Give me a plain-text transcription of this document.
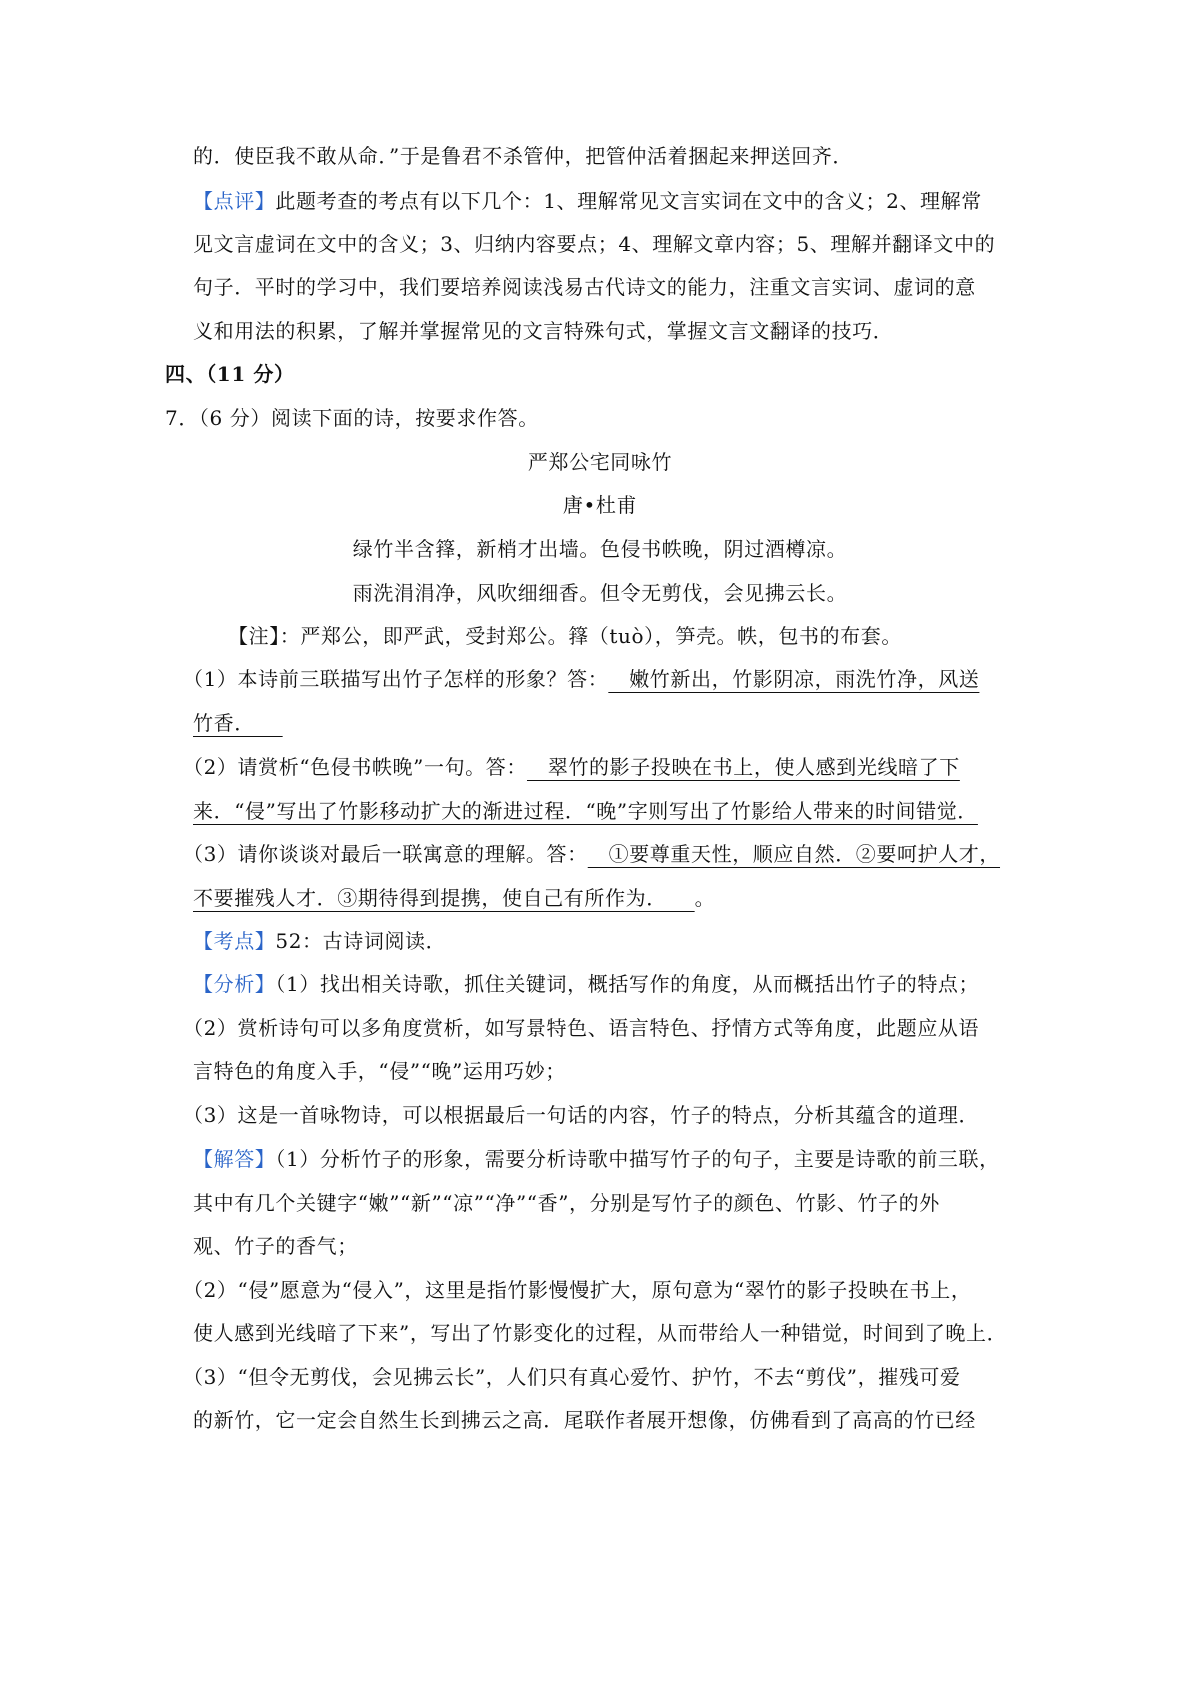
的．使臣我不敢从命．”于是鲁君不杀管仲，把管仲活着捆起来押送回齐．
【点评】此题考查的考点有以下几个：1、理解常见文言实词在文中的含义；2、理解常
见文言虚词在文中的含义；3、归纳内容要点；4、理解文章内容；5、理解并翻译文中的
句子．平时的学习中，我们要培养阅读浅易古代诗文的能力，注重文言实词、虚词的意
义和用法的积累，了解并掌握常见的文言特殊句式，掌握文言文翻译的技巧．
四、（11 分）
7．（6 分）阅读下面的诗，按要求作答。
严郑公宅同咏竹
唐•杜甫
绿竹半含箨，新梢才出墙。色侵书帙晚，阴过酒樽凉。
雨洗涓涓净，风吹细细香。但令无剪伐，会见拂云长。
【注】：严郑公，即严武，受封郑公。箨（tuò），笋壳。帙，包书的布套。
（1）本诗前三联描写出竹子怎样的形象？答：   嫩竹新出，竹影阴凉，雨洗竹净，风送
竹香．
（2）请赏析“色侵书帙晚”一句。答：   翠竹的影子投映在书上，使人感到光线暗了下
来．“侵”写出了竹影移动扩大的渐进过程．“晚”字则写出了竹影给人带来的时间错觉．
（3）请你谈谈对最后一联寓意的理解。答：   ①要尊重天性，顺应自然．②要呵护人才，
不要摧残人才．③期待得到提携，使自己有所作为．    。
【考点】52：古诗词阅读．
【分析】（1）找出相关诗歌，抓住关键词，概括写作的角度，从而概括出竹子的特点；
（2）赏析诗句可以多角度赏析，如写景特色、语言特色、抒情方式等角度，此题应从语
言特色的角度入手，“侵”“晚”运用巧妙；
（3）这是一首咏物诗，可以根据最后一句话的内容，竹子的特点，分析其蕴含的道理．
【解答】（1）分析竹子的形象，需要分析诗歌中描写竹子的句子，主要是诗歌的前三联，
其中有几个关键字“嫩”“新”“凉”“净”“香”，分别是写竹子的颜色、竹影、竹子的外
观、竹子的香气；
（2）“侵”愿意为“侵入”，这里是指竹影慢慢扩大，原句意为“翠竹的影子投映在书上，
使人感到光线暗了下来”，写出了竹影变化的过程，从而带给人一种错觉，时间到了晚上．
（3）“但令无剪伐，会见拂云长”，人们只有真心爱竹、护竹，不去“剪伐”，摧残可爱
的新竹，它一定会自然生长到拂云之高．尾联作者展开想像，仿佛看到了高高的竹已经
